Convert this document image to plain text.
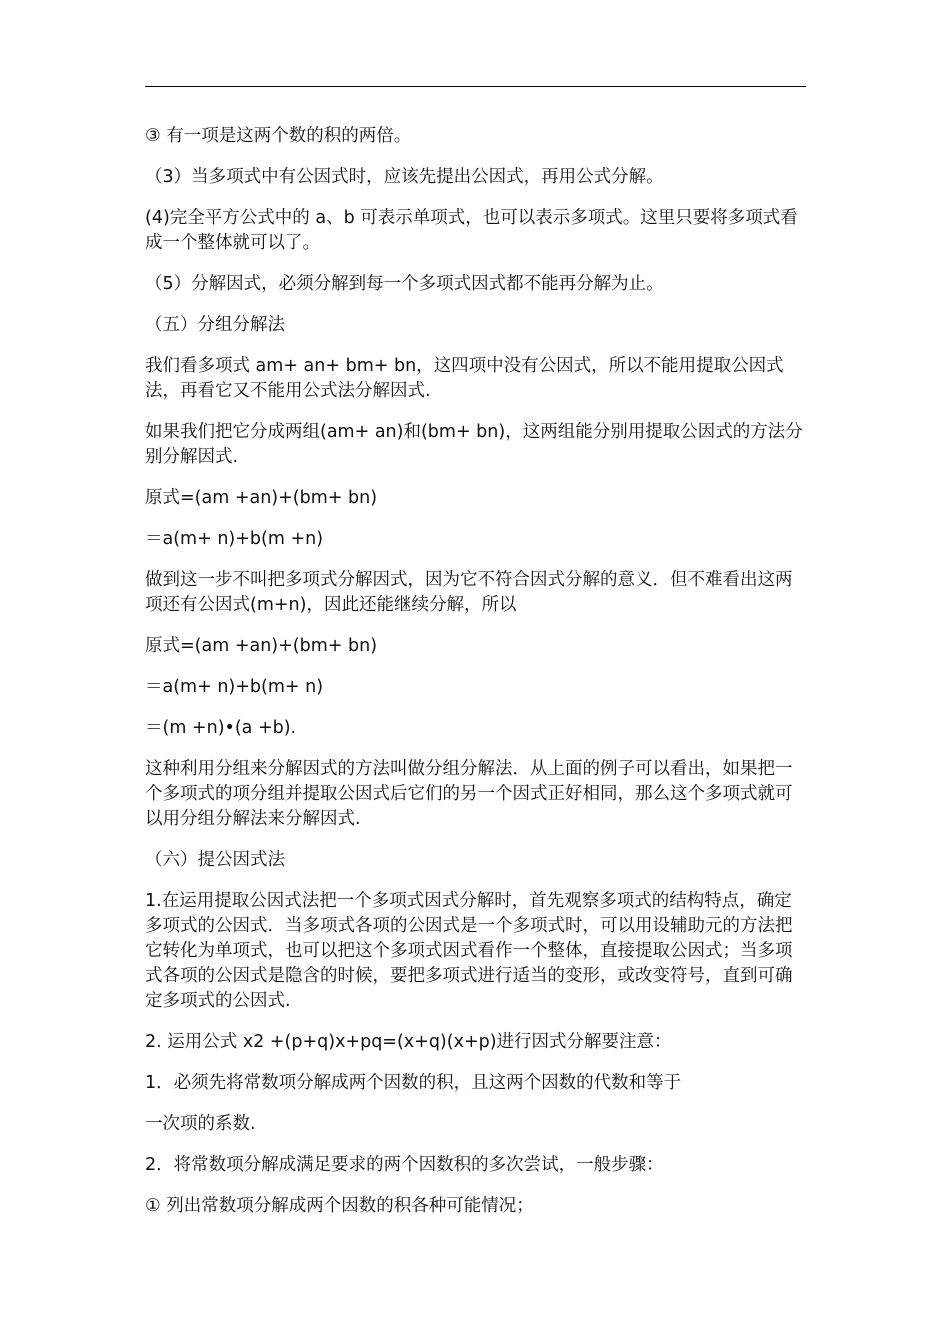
③ 有一项是这两个数的积的两倍。

（3）当多项式中有公因式时，应该先提出公因式，再用公式分解。

(4)完全平方公式中的 a、b 可表示单项式，也可以表示多项式。这里只要将多项式看成一个整体就可以了。

（5）分解因式，必须分解到每一个多项式因式都不能再分解为止。

（五）分组分解法

我们看多项式 am+ an+ bm+ bn，这四项中没有公因式，所以不能用提取公因式法，再看它又不能用公式法分解因式.

如果我们把它分成两组(am+ an)和(bm+ bn)，这两组能分别用提取公因式的方法分别分解因式.

原式=(am +an)+(bm+ bn)

＝a(m+ n)+b(m +n)

做到这一步不叫把多项式分解因式，因为它不符合因式分解的意义．但不难看出这两项还有公因式(m+n)，因此还能继续分解，所以

原式=(am +an)+(bm+ bn)

＝a(m+ n)+b(m+ n)

＝(m +n)•(a +b).

这种利用分组来分解因式的方法叫做分组分解法．从上面的例子可以看出，如果把一个多项式的项分组并提取公因式后它们的另一个因式正好相同，那么这个多项式就可以用分组分解法来分解因式.

（六）提公因式法

1.在运用提取公因式法把一个多项式因式分解时，首先观察多项式的结构特点，确定多项式的公因式．当多项式各项的公因式是一个多项式时，可以用设辅助元的方法把它转化为单项式，也可以把这个多项式因式看作一个整体，直接提取公因式；当多项式各项的公因式是隐含的时候，要把多项式进行适当的变形，或改变符号，直到可确定多项式的公因式.

2. 运用公式 x2 +(p+q)x+pq=(x+q)(x+p)进行因式分解要注意：

1．必须先将常数项分解成两个因数的积，且这两个因数的代数和等于

一次项的系数.

2．将常数项分解成满足要求的两个因数积的多次尝试，一般步骤：

① 列出常数项分解成两个因数的积各种可能情况；
